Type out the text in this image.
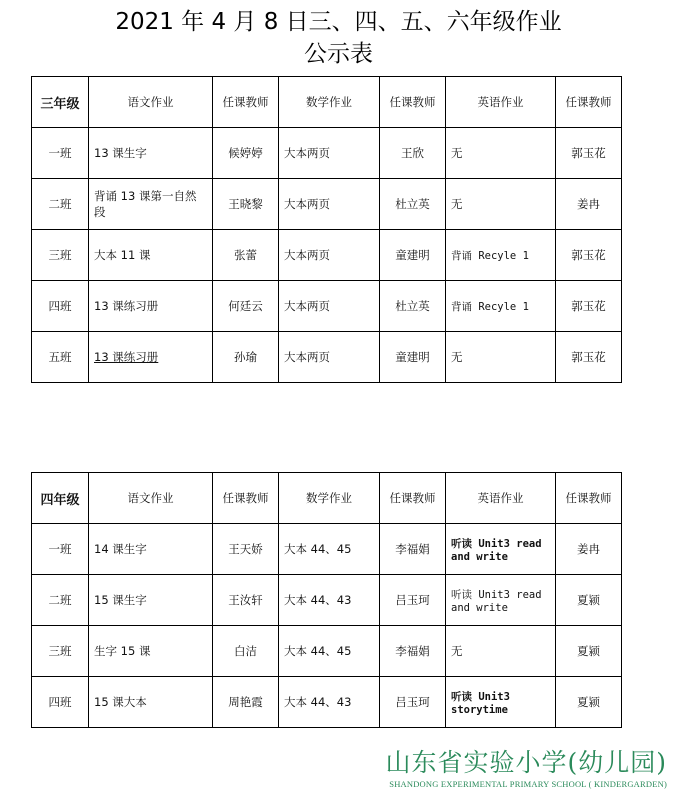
2021 年 4 月 8 日三、四、五、六年级作业
公示表
三年级	语文作业	任课教师	数学作业	任课教师	英语作业	任课教师
一班	13 课生字	候婷婷	大本两页	王欣	无	郭玉花
二班	背诵 13 课第一自然段	王晓黎	大本两页	杜立英	无	姜冉
三班	大本 11 课	张蕾	大本两页	童建明	背诵 Recyle 1	郭玉花
四班	13 课练习册	何廷云	大本两页	杜立英	背诵 Recyle 1	郭玉花
五班	13 课练习册	孙瑜	大本两页	童建明	无	郭玉花
四年级	语文作业	任课教师	数学作业	任课教师	英语作业	任课教师
一班	14 课生字	王天娇	大本 44、45	李福娟	听读 Unit3 read and write	姜冉
二班	15 课生字	王汝轩	大本 44、43	吕玉珂	听读 Unit3 read and write	夏颍
三班	生字 15 课	白洁	大本 44、45	李福娟	无	夏颍
四班	15 课大本	周艳霞	大本 44、43	吕玉珂	听读 Unit3 storytime	夏颍
山东省实验小学(幼儿园)
SHANDONG EXPERIMENTAL PRIMARY SCHOOL ( KINDERGARDEN)
